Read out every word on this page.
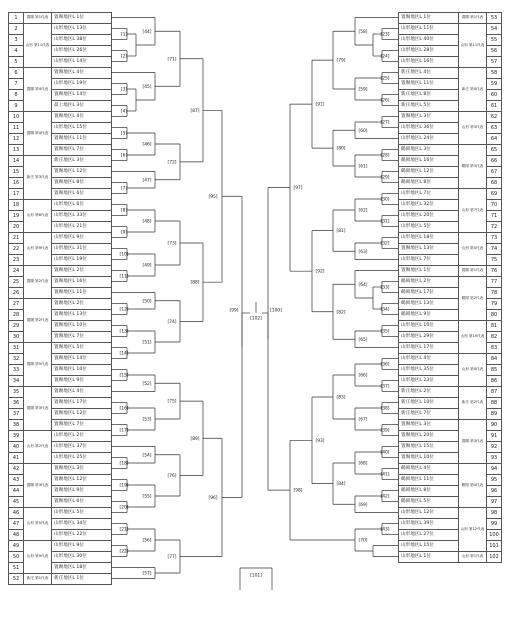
1	置賜 第1代表	置賜地区L 1位
2	山形 第11代表	山形地区L 13位
3		山形地区L 38位
4		山形地区L 26位
5		山形地区L 14位
6	置賜 第4代表	置賜地区L 4位
7		山形地区L 19位
8		置賜地区L 14位
9		最上地区L 3位
10	置賜 第4代表	置賜地区L 4位
11		山形地区L 15位
12		置賜地区L 11位
13		置賜地区L 7位
14	新庄 第3代表	新庄地区L 3位
15		置賜地区L 12位
16		置賜地区L 8位
17		置賜地区L 6位
18	山形 第6代表	山形地区L 6位
19		山形地区L 33位
20		山形地区L 21位
21	山形 第9代表	山形地区L 9位
22		山形地区L 31位
23		山形地区L 19位
24	置賜 第2代表	置賜地区L 2位
25		置賜地区L 16位
26		置賜地区L 11位
27	置賜 第2代表	置賜地区L 2位
28		置賜地区L 13位
29		置賜地区L 10位
30		置賜地区L 7位
31	置賜 第5代表	置賜地区L 5位
32		置賜地区L 14位
33		置賜地区L 10位
34		置賜地区L 9位
35	置賜 第3代表	置賜地区L 4位
36		置賜地区L 17位
37		置賜地区L 12位
38		置賜地区L 7位
39	山形 第2代表	山形地区L 2位
40		山形地区L 37位
41		山形地区L 25位
42	置賜 第3代表	置賜地区L 3位
43		置賜地区L 12位
44		置賜地区L 9位
45		置賜地区L 6位
46	山形 第5代表	山形地区L 5位
47		山形地区L 34位
48		山形地区L 22位
49	山形 第9代表	山形地区L 9位
50		山形地区L 30位
51		置賜地区L 18位
52	新庄 第1代表	新庄地区L 1位
置賜地区L 1位	置賜 第1代表	53
山形地区L 11位	山形 第11代表	54
山形地区L 40位		55
山形地区L 28位		56
山形地区L 16位		57
新庄地区L 4位	新庄 第4代表	58
置賜地区L 11位		59
新庄地区L 8位		60
新庄地区L 5位		61
置賜地区L 3位	山形 第3代表	62
山形地区L 36位		63
山形地区L 24位		64
鶴岡地区L 3位	鶴岡 第3代表	65
鶴岡地区L 16位		66
鶴岡地区L 12位		67
鶴岡地区L 8位		68
山形地区L 7位	山形 第7代表	69
山形地区L 32位		70
山形地区L 20位		71
山形地区L 5位		72
山形地区L 18位	山形 第5代表	73
置賜地区L 13位		74
山形地区L 7位		75
置賜地区L 1位	置賜 第1代表	76
鶴岡地区L 2位	鶴岡 第2代表	77
鶴岡地区L 17位		78
鶴岡地区L 13位		79
鶴岡地区L 9位		80
山形地区L 10位	山形 第10代表	81
山形地区L 29位		82
山形地区L 17位		83
山形地区L 4位	山形 第4代表	84
山形地区L 35位		85
山形地区L 23位		86
新庄地区L 2位	新庄 第2代表	87
新庄地区L 10位		88
新庄地区L 7位		89
置賜地区L 3位	置賜 第3代表	90
置賜地区L 20位		91
置賜地区L 15位		92
置賜地区L 10位		93
鶴岡地区L 4位	鶴岡 第4代表	94
鶴岡地区L 11位		95
鶴岡地区L 8位		96
鶴岡地区L 5位		97
山形地区L 12位	山形 第12代表	98
山形地区L 39位		99
山形地区L 27位		100
山形地区L 15位		101
山形地区L 1位	山形 第1代表	102
[1]
[2]
[3]
[4]
[5]
[6]
[7]
[8]
[9]
[10]
[11]
[12]
[13]
[14]
[15]
[16]
[17]
[18]
[19]
[20]
[21]
[22]
[44]
[45]
[46]
[47]
[48]
[49]
[50]
[51]
[52]
[53]
[54]
[55]
[56]
[57]
[71]
[72]
[73]
[74]
[75]
[76]
[77]
[87]
[88]
[89]
[95]
[96]
[23]
[24]
[25]
[26]
[27]
[28]
[29]
[30]
[31]
[32]
[33]
[34]
[35]
[36]
[37]
[38]
[39]
[40]
[41]
[42]
[43]
[58]
[59]
[60]
[61]
[62]
[63]
[64]
[65]
[66]
[67]
[68]
[69]
[70]
[79]
[80]
[81]
[82]
[83]
[84]
[91]
[92]
[93]
[97]
[98]
[99]
[102]
[100]
[101]
